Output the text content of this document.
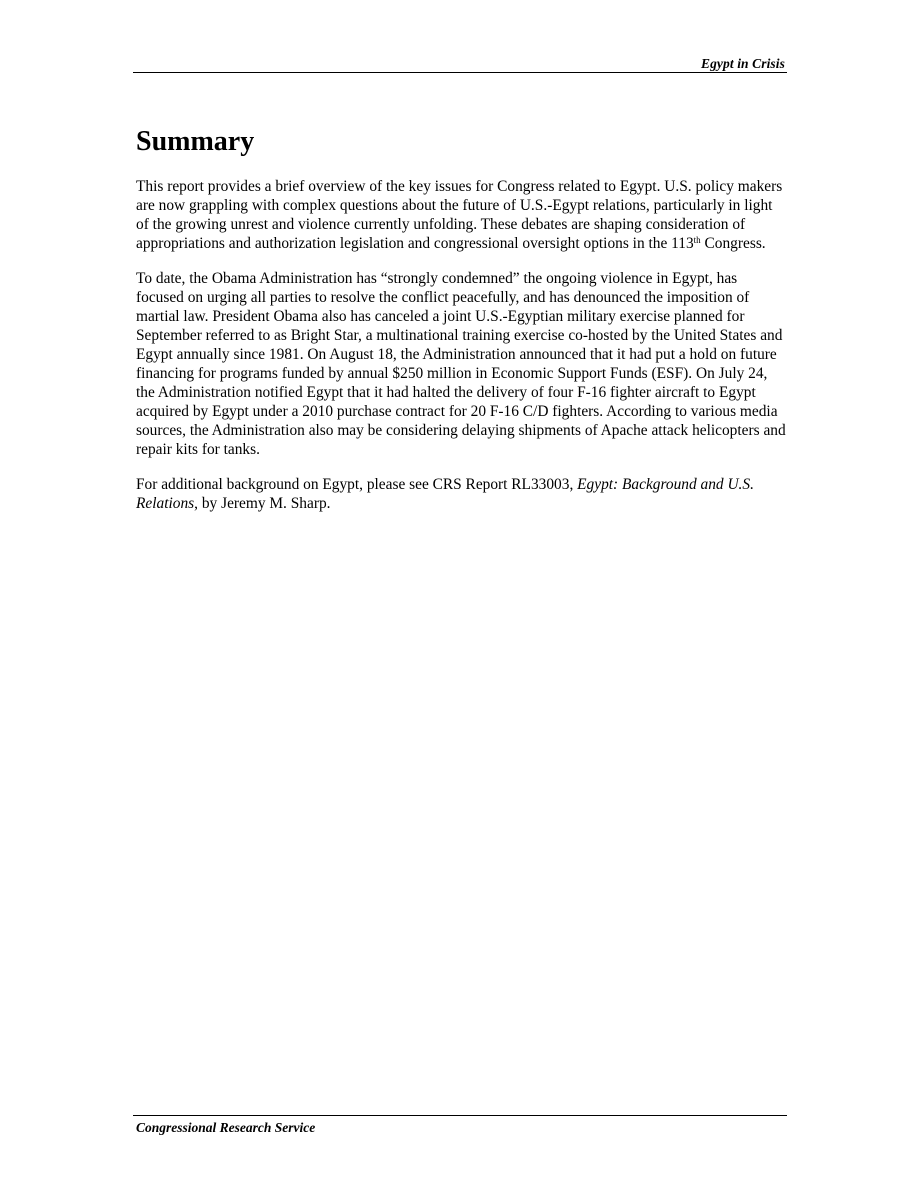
Egypt in Crisis
Summary

This report provides a brief overview of the key issues for Congress related to Egypt. U.S. policy makers are now grappling with complex questions about the future of U.S.-Egypt relations, particularly in light of the growing unrest and violence currently unfolding. These debates are shaping consideration of appropriations and authorization legislation and congressional oversight options in the 113th Congress.

To date, the Obama Administration has “strongly condemned” the ongoing violence in Egypt, has focused on urging all parties to resolve the conflict peacefully, and has denounced the imposition of martial law. President Obama also has canceled a joint U.S.-Egyptian military exercise planned for September referred to as Bright Star, a multinational training exercise co-hosted by the United States and Egypt annually since 1981. On August 18, the Administration announced that it had put a hold on future financing for programs funded by annual $250 million in Economic Support Funds (ESF). On July 24, the Administration notified Egypt that it had halted the delivery of four F-16 fighter aircraft to Egypt acquired by Egypt under a 2010 purchase contract for 20 F-16 C/D fighters. According to various media sources, the Administration also may be considering delaying shipments of Apache attack helicopters and repair kits for tanks.

For additional background on Egypt, please see CRS Report RL33003, Egypt: Background and U.S. Relations, by Jeremy M. Sharp.

Congressional Research Service
